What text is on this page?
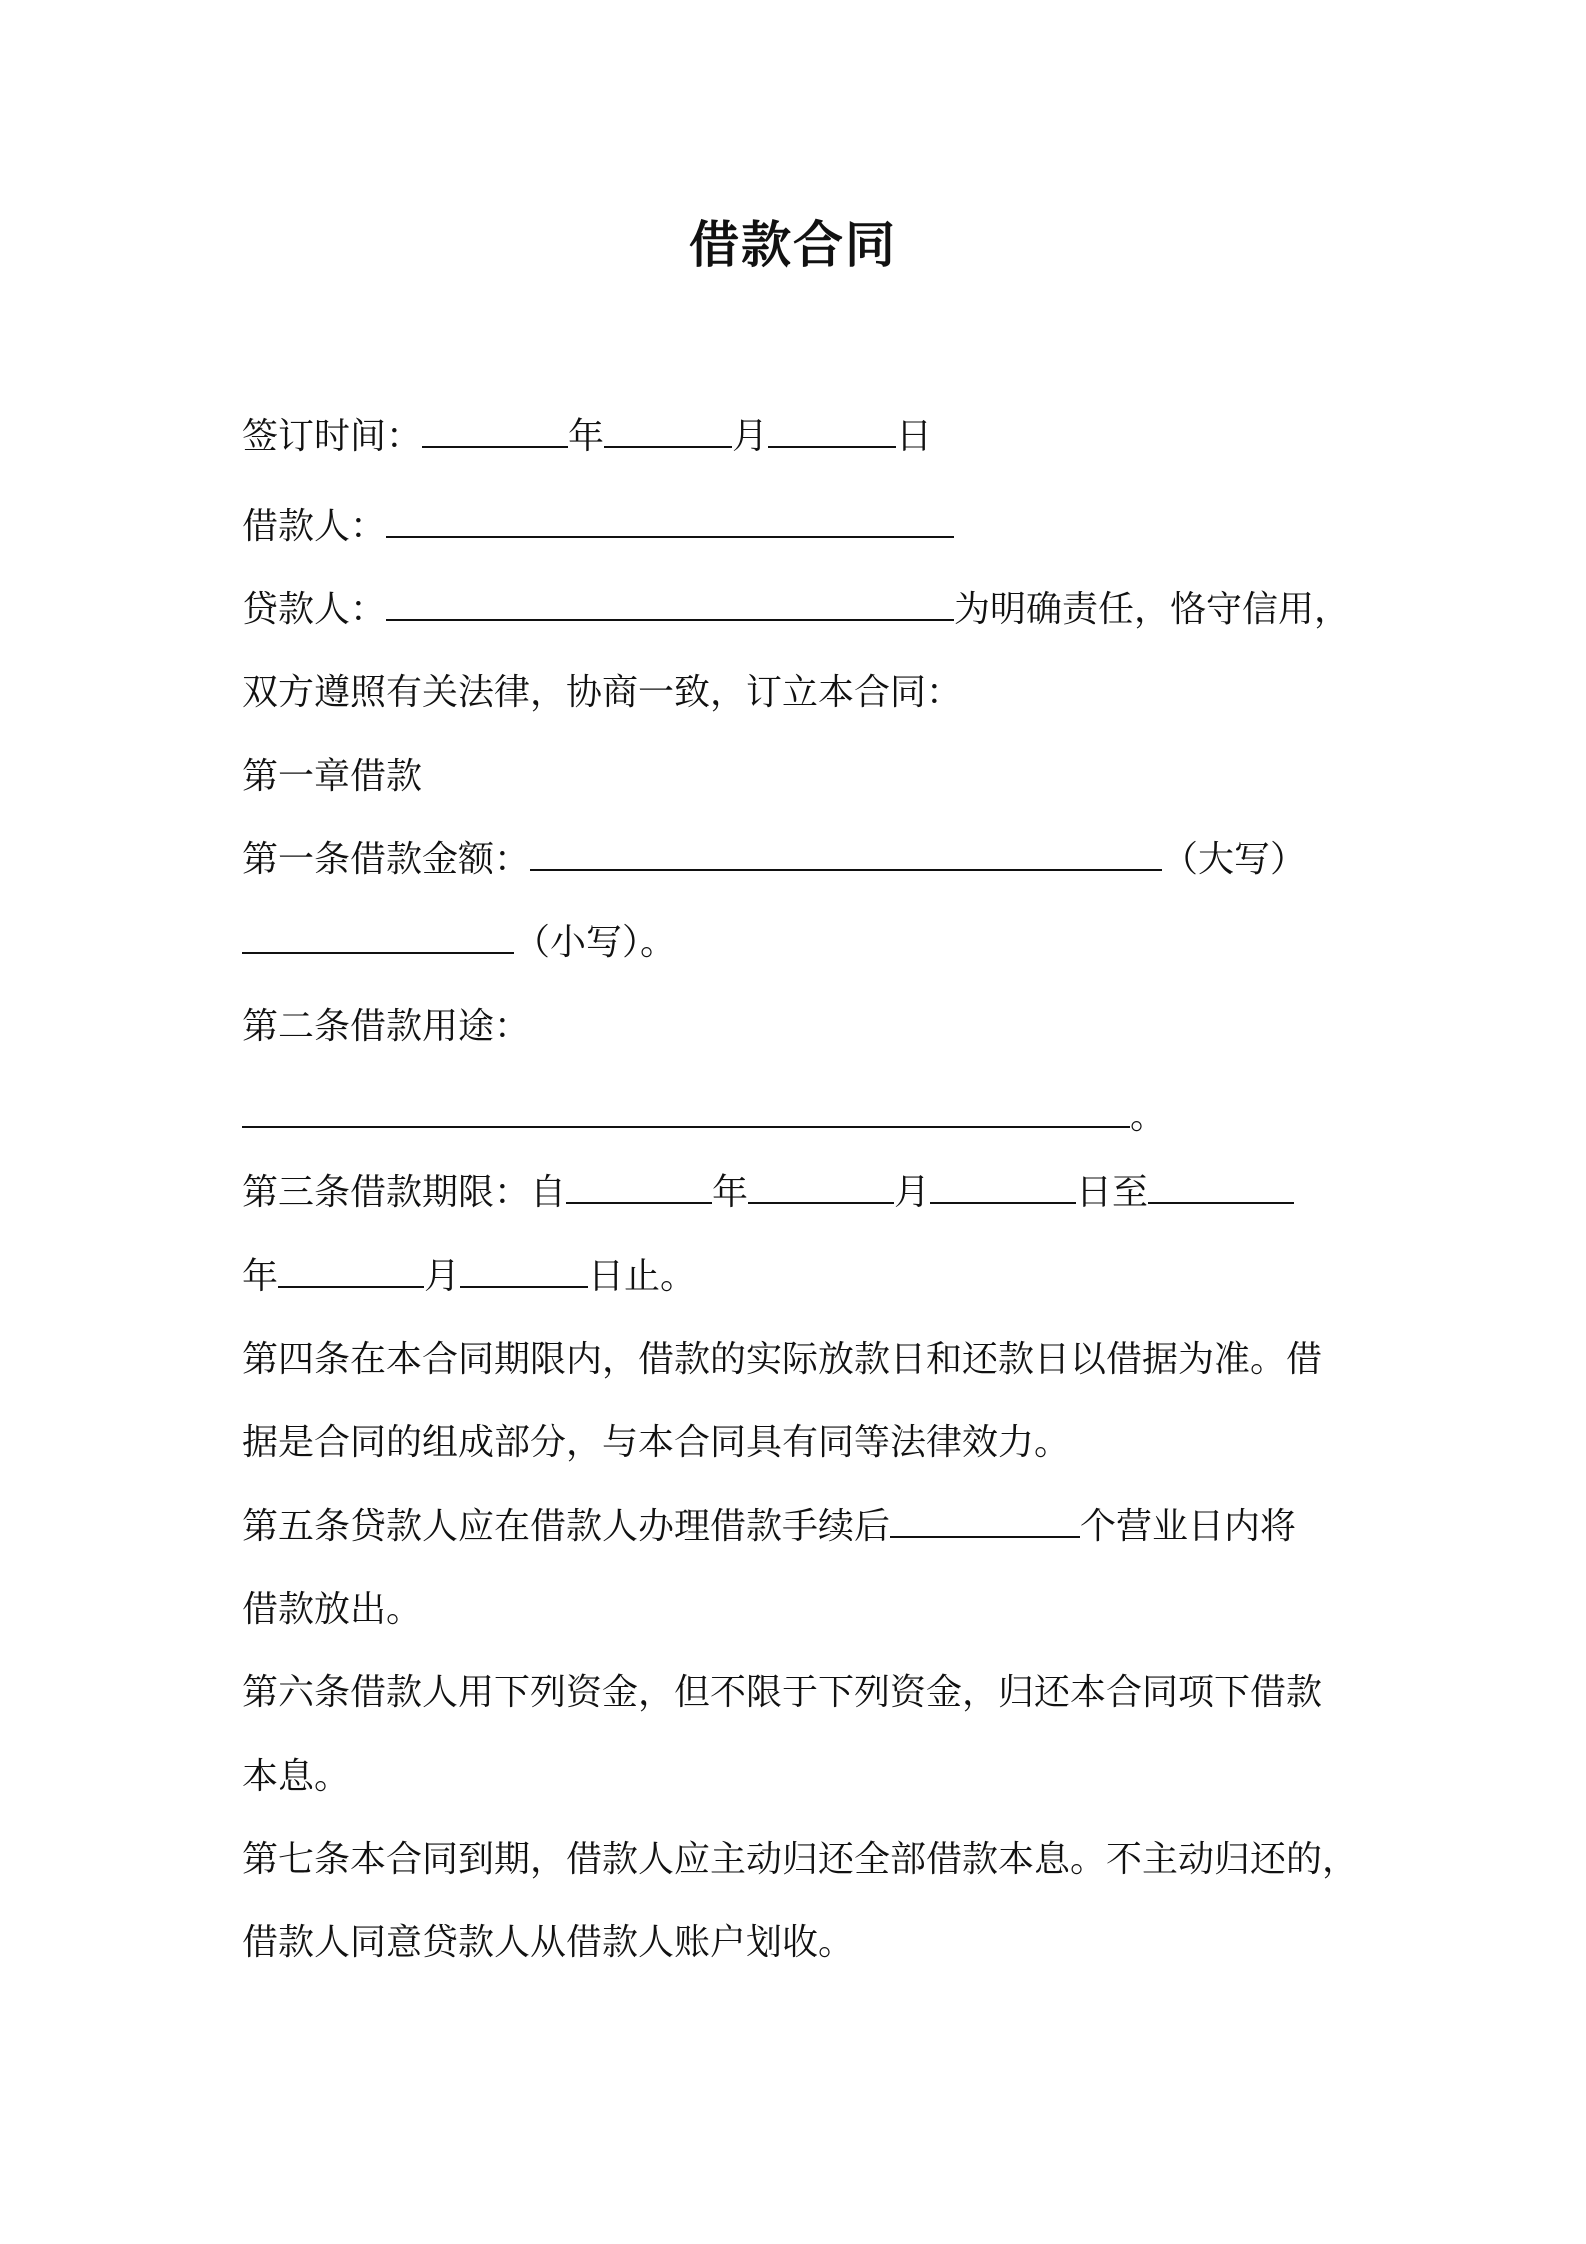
借款合同
签订时间：	年	月	日
借款人：
贷款人：	为明确责任，恪守信用，
双方遵照有关法律，协商一致，订立本合同：
第一章借款
第一条借款金额：	（大写）
（小写）。
第二条借款用途：
。
第三条借款期限：自	年	月	日至
年	月	日止。
第四条在本合同期限内，借款的实际放款日和还款日以借据为准。借
据是合同的组成部分，与本合同具有同等法律效力。
第五条贷款人应在借款人办理借款手续后	个营业日内将
借款放出。
第六条借款人用下列资金，但不限于下列资金，归还本合同项下借款
本息。
第七条本合同到期，借款人应主动归还全部借款本息。不主动归还的，
借款人同意贷款人从借款人账户划收。
